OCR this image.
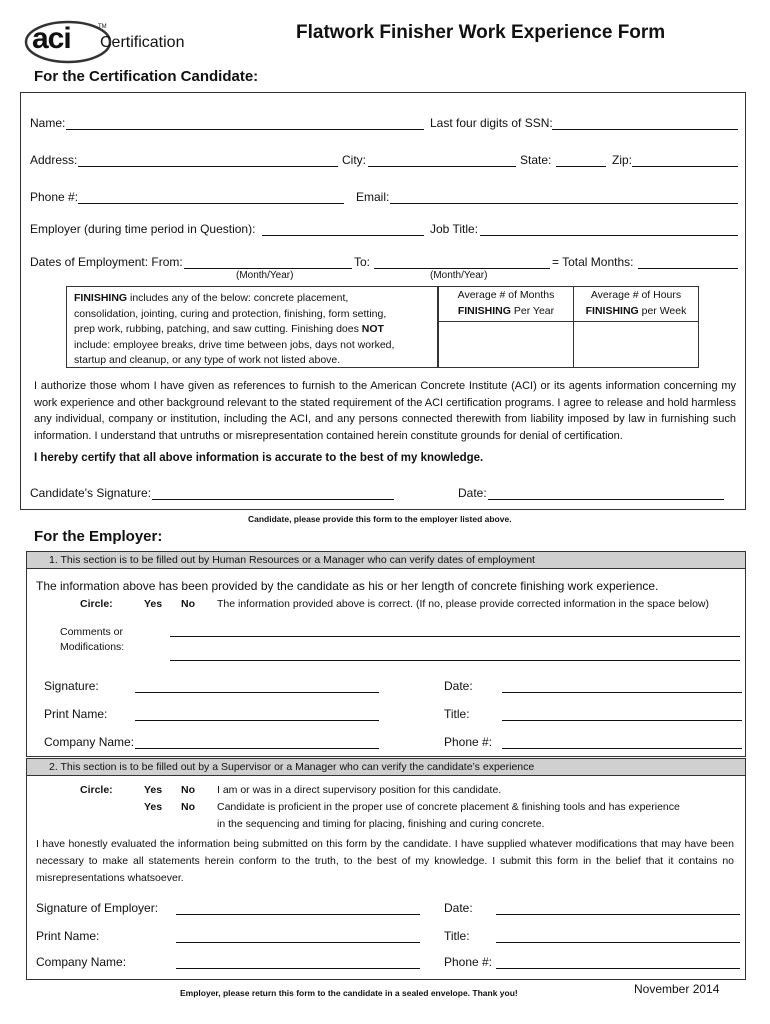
aci	TM
Certification	Flatwork Finisher Work Experience Form
For the Certification Candidate:
Name:	Last four digits of SSN:
Address:	City:	State:	Zip:
Phone #:	Email:
Employer (during time period in Question):	Job Title:
Dates of Employment: From:	To:	= Total Months:
(Month/Year)	(Month/Year)
FINISHING includes any of the below: concrete placement,
consolidation, jointing, curing and protection, finishing, form setting,
prep work, rubbing, patching, and saw cutting. Finishing does NOT
include: employee breaks, drive time between jobs, days not worked,
startup and cleanup, or any type of work not listed above.
Average # of Months
FINISHING Per Year
Average # of Hours
FINISHING per Week
I authorize those whom I have given as references to furnish to the American Concrete Institute (ACI) or its agents information concerning my work experience and other background relevant to the stated requirement of the ACI certification programs. I agree to release and hold harmless any individual, company or institution, including the ACI, and any persons connected therewith from liability imposed by law in furnishing such information. I understand that untruths or misrepresentation contained herein constitute grounds for denial of certification.
I hereby certify that all above information is accurate to the best of my knowledge.
Candidate's Signature:	Date:
Candidate, please provide this form to the employer listed above.
For the Employer:
1. This section is to be filled out by Human Resources or a Manager who can verify dates of employment
The information above has been provided by the candidate as his or her length of concrete finishing work experience.
Circle:	Yes No The information provided above is correct. (If no, please provide corrected information in the space below)
Comments or
Modifications:
Signature:	Date:
Print Name:	Title:
Company Name:	Phone #:
2. This section is to be filled out by a Supervisor or a Manager who can verify the candidate’s experience
Circle:	Yes No I am or was in a direct supervisory position for this candidate.
Yes No Candidate is proficient in the proper use of concrete placement & finishing tools and has experience
in the sequencing and timing for placing, finishing and curing concrete.
I have honestly evaluated the information being submitted on this form by the candidate. I have supplied whatever modifications that may have been necessary to make all statements herein conform to the truth, to the best of my knowledge. I submit this form in the belief that it contains no misrepresentations whatsoever.
Signature of Employer:	Date:
Print Name:	Title:
Company Name:	Phone #:
Employer, please return this form to the candidate in a sealed envelope. Thank you!	November 2014
